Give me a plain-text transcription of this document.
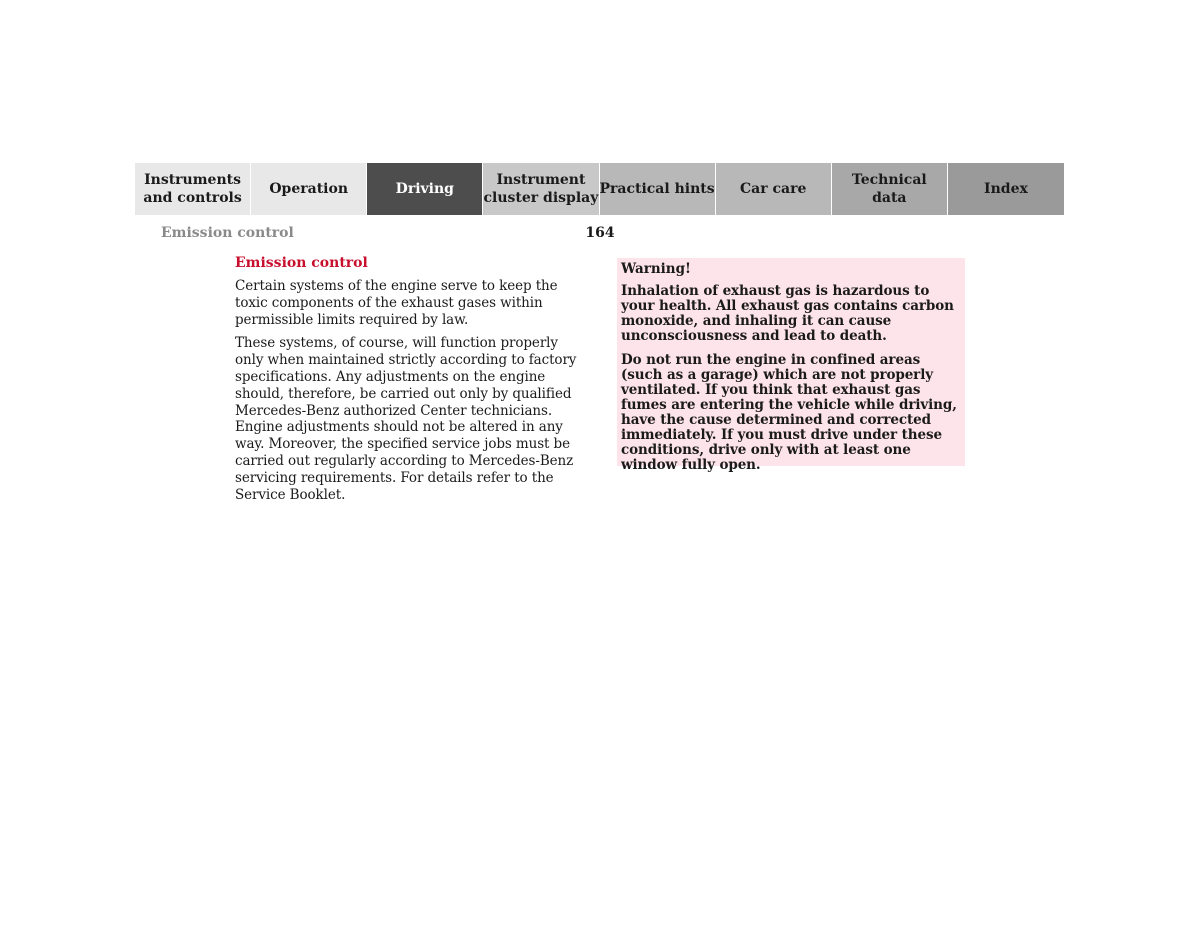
Instruments
and controls
Operation	Driving
Instrument
cluster display
Practical hints	Car care
Technical
data
Index
Emission control	164
Emission control

Certain systems of the engine serve to keep the toxic components of the exhaust gases within permissible limits required by law.

These systems, of course, will function properly only when maintained strictly according to factory specifications. Any adjustments on the engine should, therefore, be carried out only by qualified Mercedes-Benz authorized Center technicians. Engine adjustments should not be altered in any way. Moreover, the specified service jobs must be carried out regularly according to Mercedes-Benz servicing requirements. For details refer to the Service Booklet.

Warning!

Inhalation of exhaust gas is hazardous to your health. All exhaust gas contains carbon monoxide, and inhaling it can cause unconsciousness and lead to death.

Do not run the engine in confined areas (such as a garage) which are not properly ventilated. If you think that exhaust gas fumes are entering the vehicle while driving, have the cause determined and corrected immediately. If you must drive under these conditions, drive only with at least one window fully open.
